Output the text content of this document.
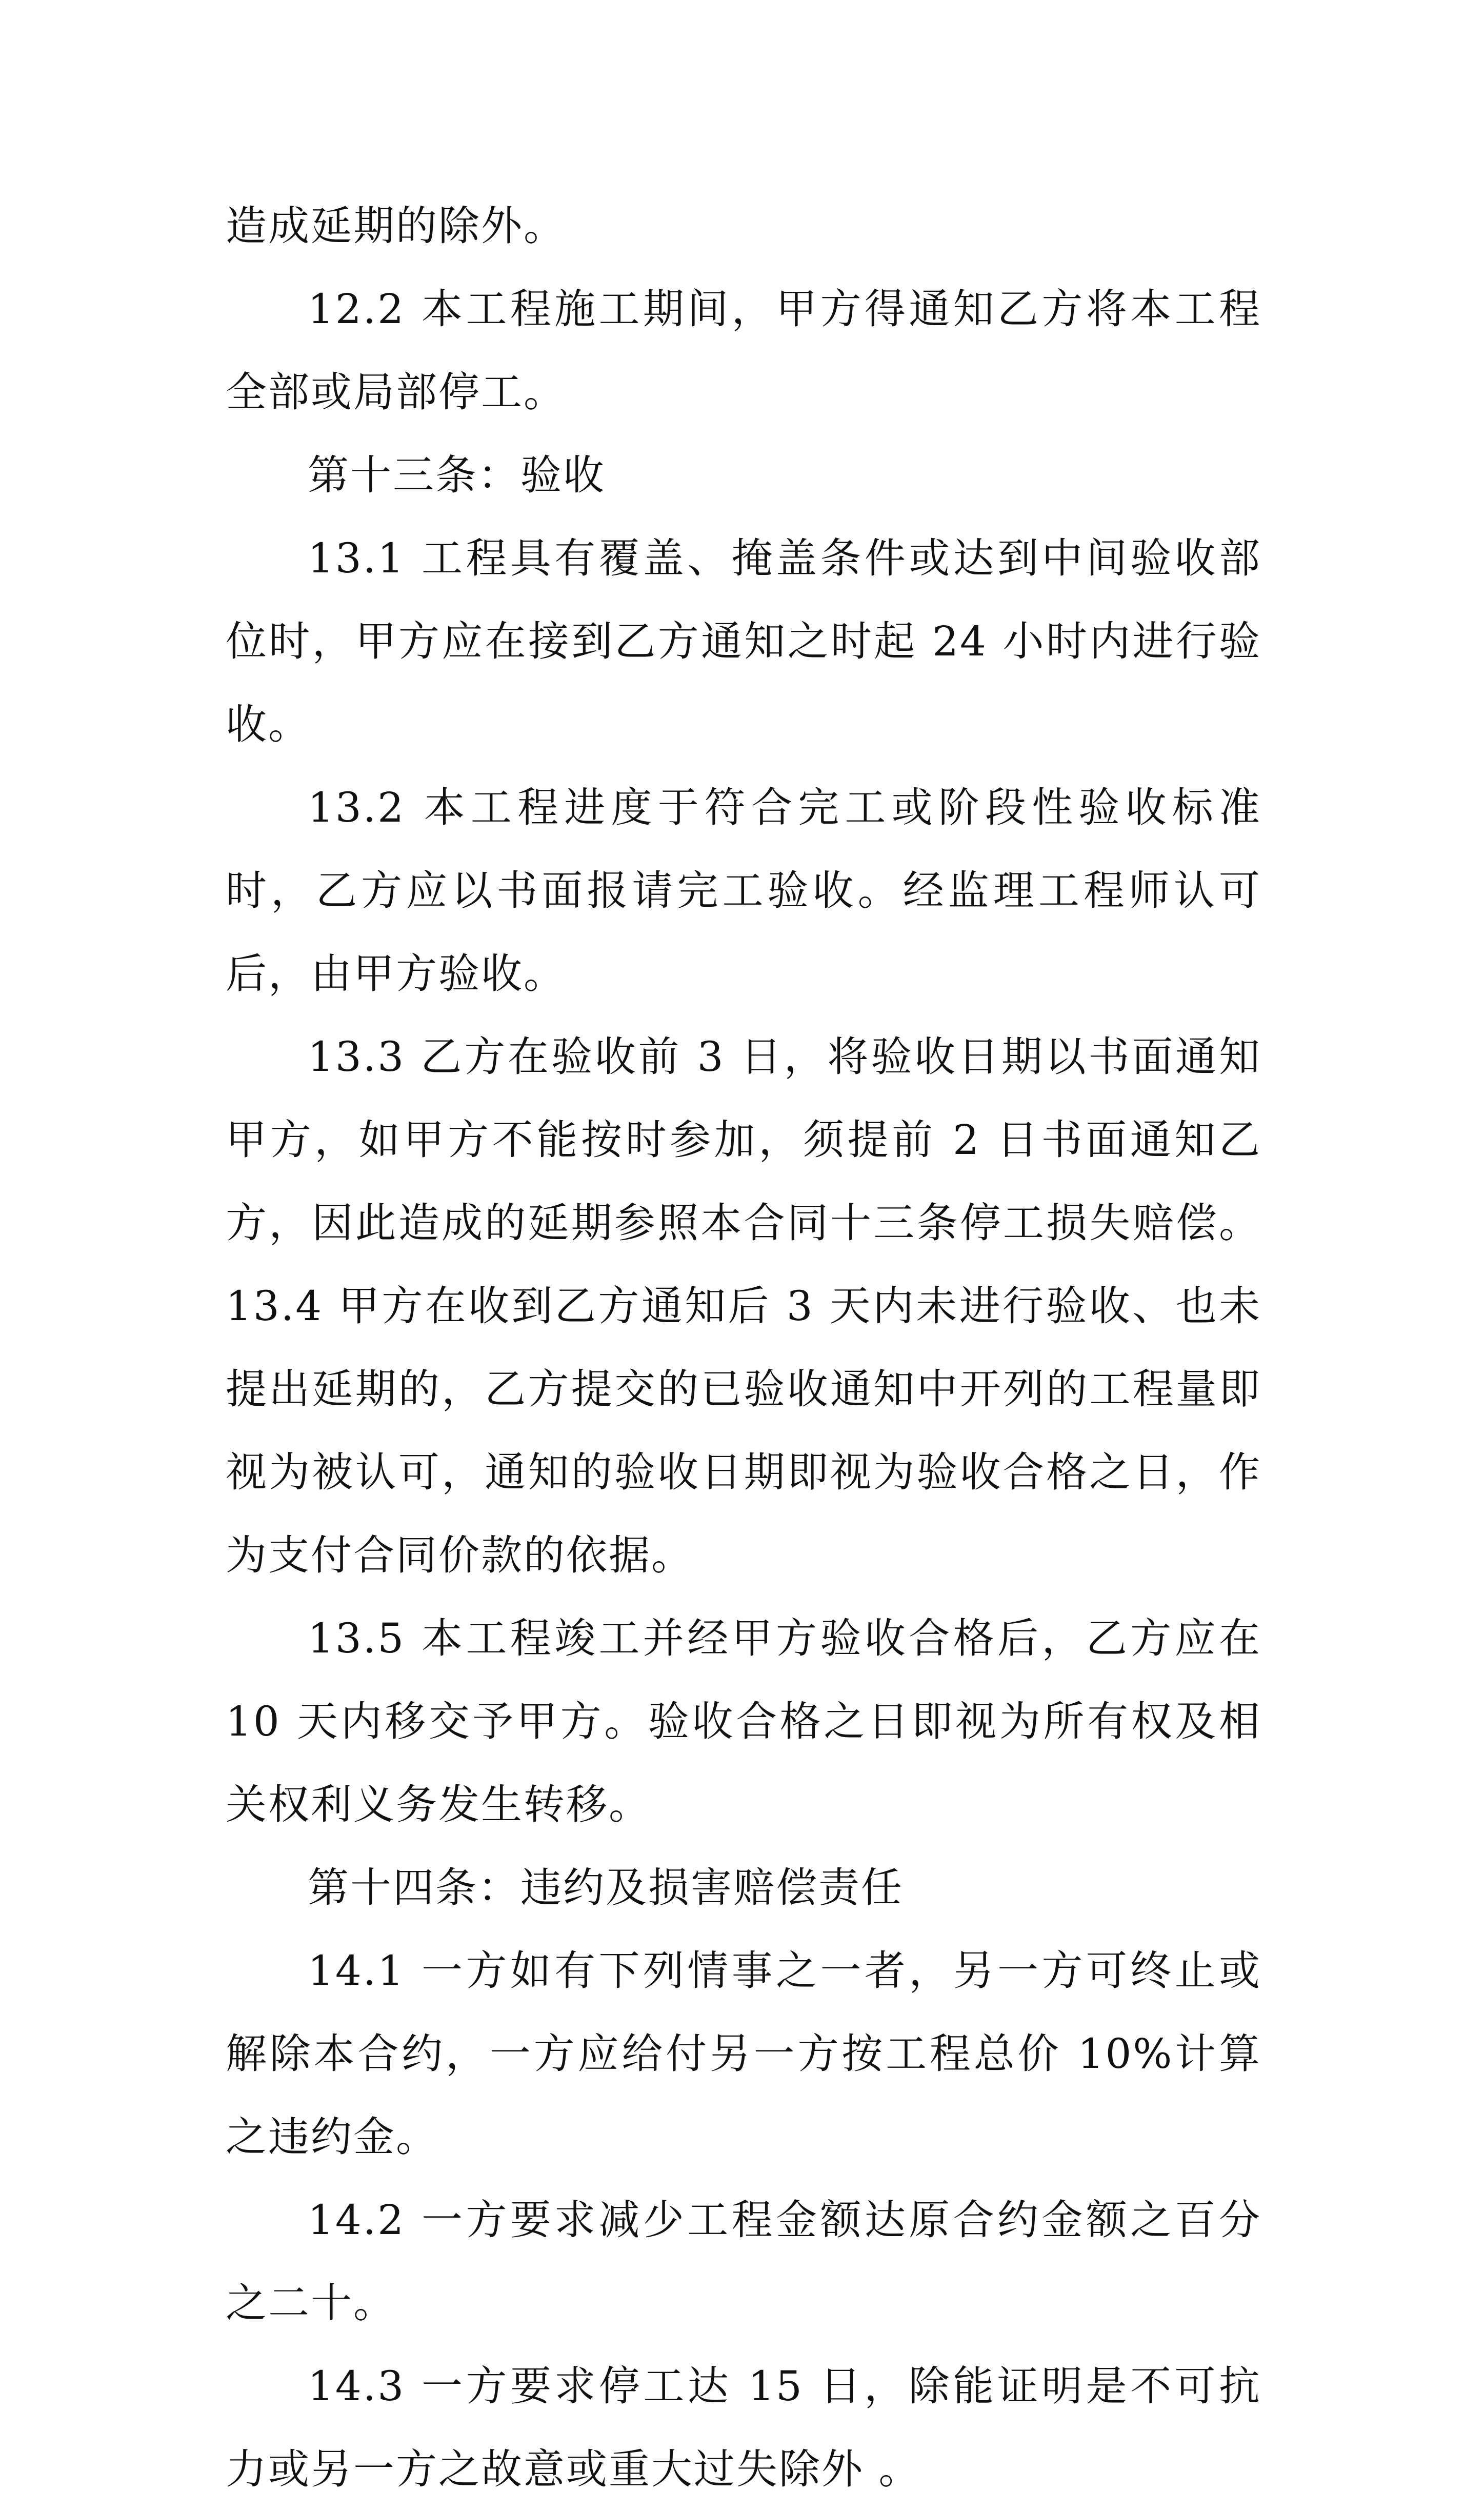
造成延期的除外。

12.2 本工程施工期间，甲方得通知乙方将本工程全部或局部停工。

第十三条：验收

13.1 工程具有覆盖、掩盖条件或达到中间验收部位时，甲方应在接到乙方通知之时起 24 小时内进行验收。

13.2 本工程进度于符合完工或阶段性验收标准时，乙方应以书面报请完工验收。经监理工程师认可后，由甲方验收。

13.3 乙方在验收前 3 日，将验收日期以书面通知甲方，如甲方不能按时参加，须提前 2 日书面通知乙方，因此造成的延期参照本合同十三条停工损失赔偿。 13.4 甲方在收到乙方通知后 3 天内未进行验收、也未提出延期的，乙方提交的已验收通知中开列的工程量即视为被认可，通知的验收日期即视为验收合格之日，作为支付合同价款的依据。

13.5 本工程竣工并经甲方验收合格后，乙方应在 10 天内移交予甲方。验收合格之日即视为所有权及相关权利义务发生转移。

第十四条：违约及损害赔偿责任

14.1 一方如有下列情事之一者，另一方可终止或解除本合约，一方应给付另一方按工程总价 10%计算之违约金。

14.2 一方要求减少工程金额达原合约金额之百分之二十。

14.3 一方要求停工达 15 日，除能证明是不可抗力或另一方之故意或重大过失除外 。
